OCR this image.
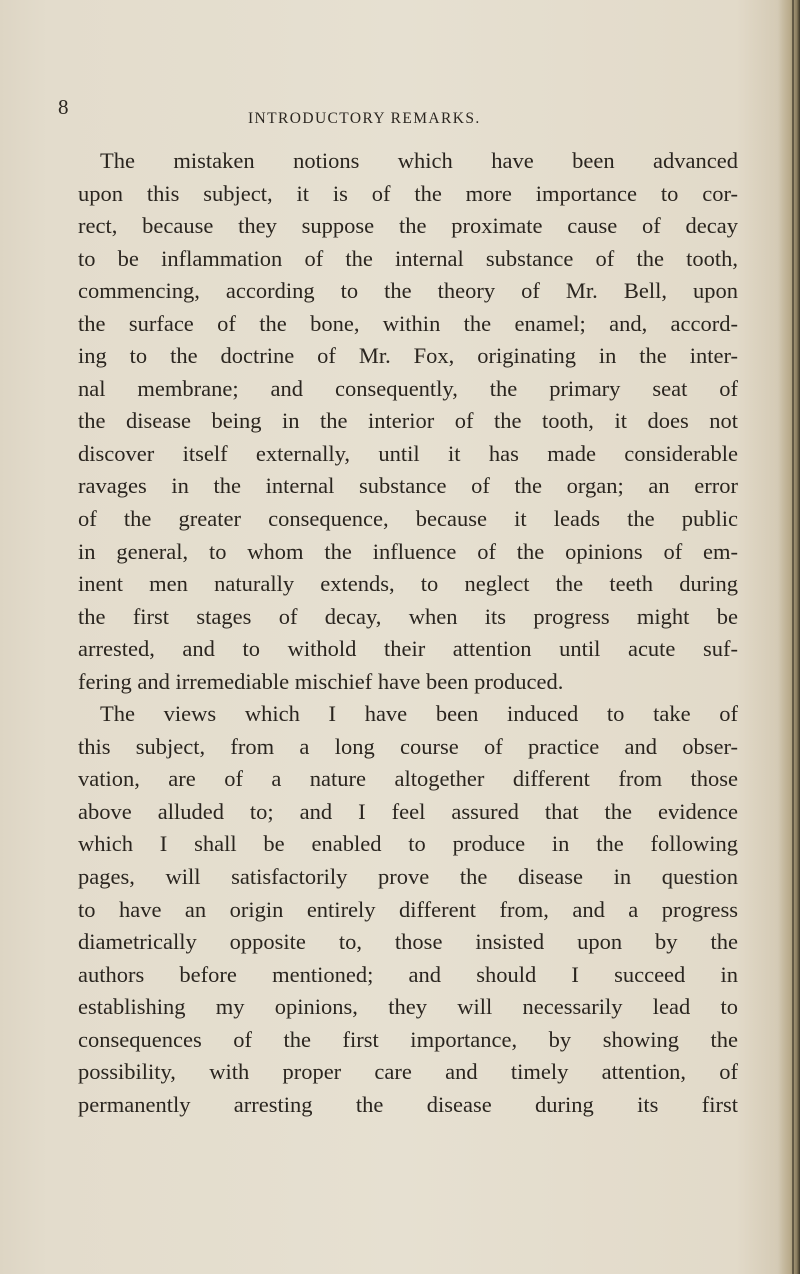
8	INTRODUCTORY REMARKS.
The mistaken notions which have been advanced
upon this subject, it is of the more importance to cor-
rect, because they suppose the proximate cause of decay
to be inflammation of the internal substance of the tooth,
commencing, according to the theory of Mr. Bell, upon
the surface of the bone, within the enamel; and, accord-
ing to the doctrine of Mr. Fox, originating in the inter-
nal membrane; and consequently, the primary seat of
the disease being in the interior of the tooth, it does not
discover itself externally, until it has made considerable
ravages in the internal substance of the organ; an error
of the greater consequence, because it leads the public
in general, to whom the influence of the opinions of em-
inent men naturally extends, to neglect the teeth during
the first stages of decay, when its progress might be
arrested, and to withold their attention until acute suf-
fering and irremediable mischief have been produced.
The views which I have been induced to take of
this subject, from a long course of practice and obser-
vation, are of a nature altogether different from those
above alluded to; and I feel assured that the evidence
which I shall be enabled to produce in the following
pages, will satisfactorily prove the disease in question
to have an origin entirely different from, and a progress
diametrically opposite to, those insisted upon by the
authors before mentioned; and should I succeed in
establishing my opinions, they will necessarily lead to
consequences of the first importance, by showing the
possibility, with proper care and timely attention, of
permanently arresting the disease during its first
